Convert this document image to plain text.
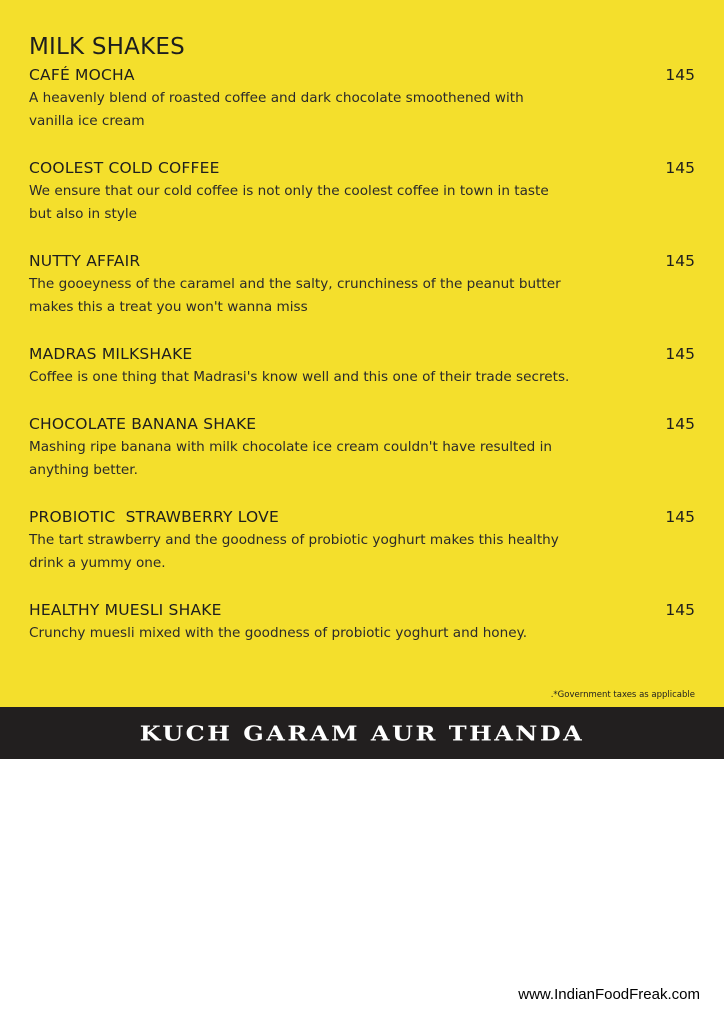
MILK SHAKES
CAFÉ MOCHA	145
A heavenly blend of roasted coffee and dark chocolate smoothened with vanilla ice cream
COOLEST COLD COFFEE	145
We ensure that our cold coffee is not only the coolest coffee in town in taste but also in style
NUTTY AFFAIR	145
The gooeyness of the caramel and the salty, crunchiness of the peanut butter makes this a treat you won't wanna miss
MADRAS MILKSHAKE	145
Coffee is one thing that Madrasi's know well and this one of their trade secrets.
CHOCOLATE BANANA SHAKE	145
Mashing ripe banana with milk chocolate ice cream couldn't have resulted in anything better.
PROBIOTIC  STRAWBERRY LOVE	145
The tart strawberry and the goodness of probiotic yoghurt makes this healthy drink a yummy one.
HEALTHY MUESLI SHAKE	145
Crunchy muesli mixed with the goodness of probiotic yoghurt and honey.
.*Government taxes as applicable
KUCH GARAM AUR THANDA
www.IndianFoodFreak.com
